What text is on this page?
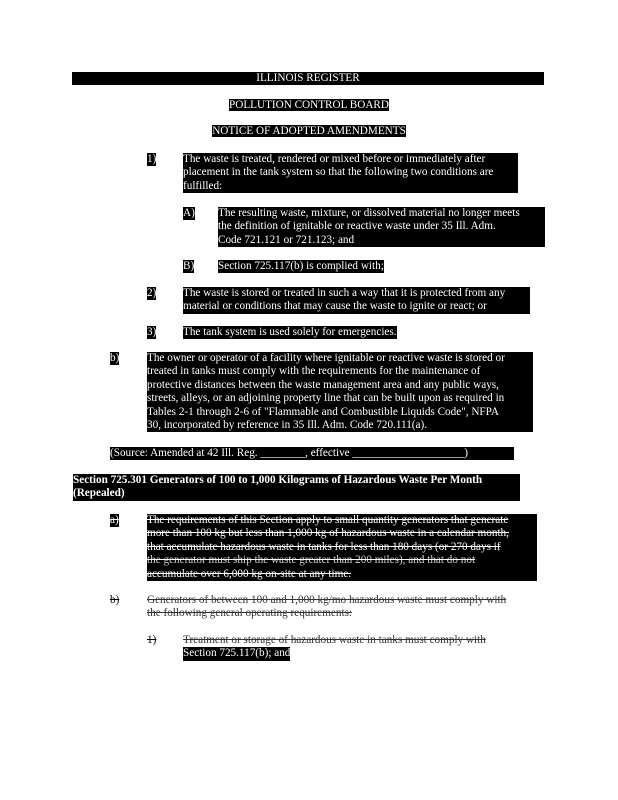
ILLINOIS REGISTER
POLLUTION CONTROL BOARD
NOTICE OF ADOPTED AMENDMENTS
1) The waste is treated, rendered or mixed before or immediately after
placement in the tank system so that the following two conditions are
fulfilled:
A) The resulting waste, mixture, or dissolved material no longer meets
the definition of ignitable or reactive waste under 35 Ill. Adm.
Code 721.121 or 721.123; and
B) Section 725.117(b) is complied with;
2) The waste is stored or treated in such a way that it is protected from any
material or conditions that may cause the waste to ignite or react; or
3) The tank system is used solely for emergencies.
b) The owner or operator of a facility where ignitable or reactive waste is stored or
treated in tanks must comply with the requirements for the maintenance of
protective distances between the waste management area and any public ways,
streets, alleys, or an adjoining property line that can be built upon as required in
Tables 2-1 through 2-6 of "Flammable and Combustible Liquids Code", NFPA
30, incorporated by reference in 35 Ill. Adm. Code 720.111(a).
(Source: Amended at 42 Ill. Reg. ________, effective ____________________)
Section 725.301 Generators of 100 to 1,000 Kilograms of Hazardous Waste Per Month
(Repealed)
a)	The requirements of this Section apply to small quantity generators that generate
more than 100 kg but less than 1,000 kg of hazardous waste in a calendar month,
that accumulate hazardous waste in tanks for less than 180 days (or 270 days if
the generator must ship the waste greater than 200 miles), and that do not
accumulate over 6,000 kg on-site at any time.
b) Generators of between 100 and 1,000 kg/mo hazardous waste must comply with
the following general operating requirements:
1) Treatment or storage of hazardous waste in tanks must comply with
Section 725.117(b); and
